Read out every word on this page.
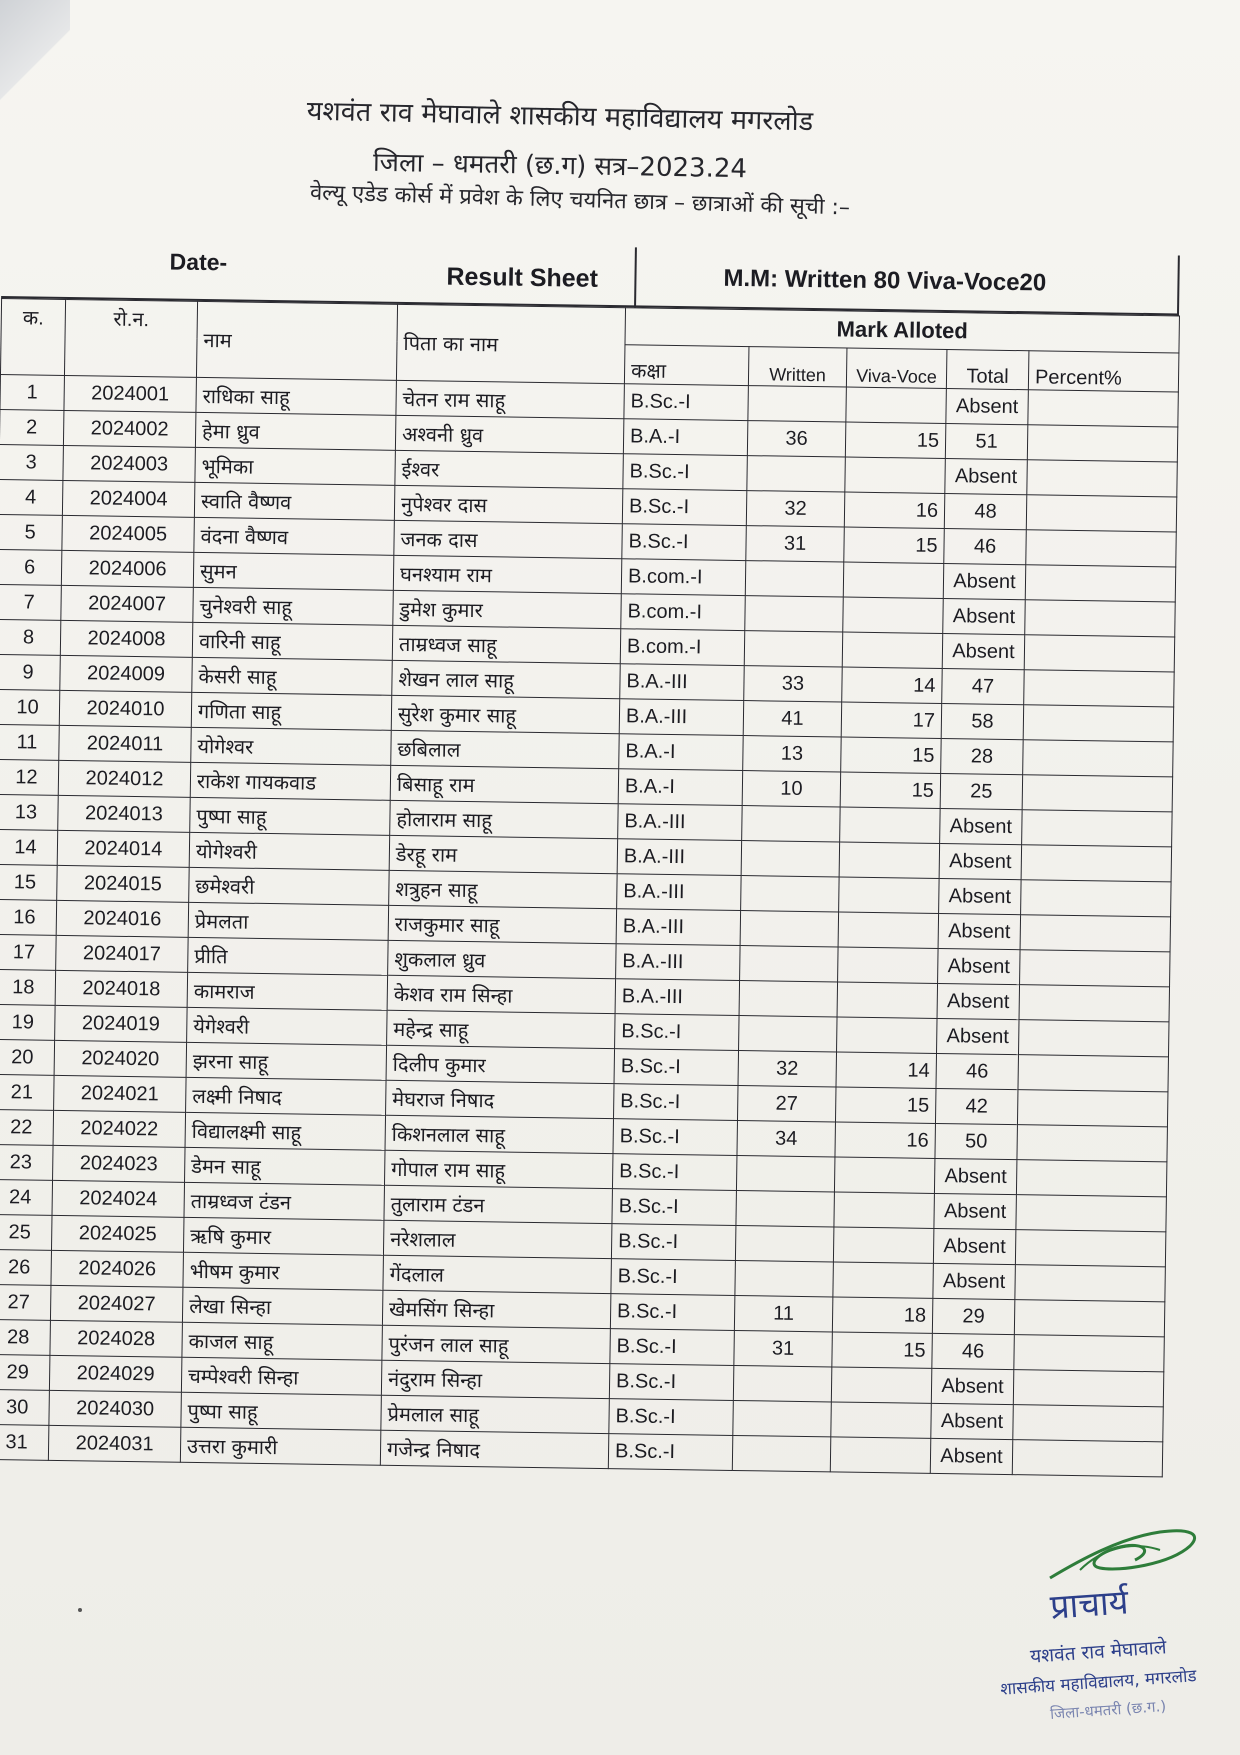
यशवंत राव मेघावाले शासकीय महाविद्यालय मगरलोड
जिला – धमतरी (छ.ग) सत्र–2023.24
वेल्यू एडेड कोर्स में प्रवेश के लिए चयनित छात्र – छात्राओं की सूची :–
Date-
Result Sheet	M.M: Written 80 Viva-Voce20
क.	रो.न.	नाम	पिता का नाम	Mark Alloted				
				कक्षा	Written	Viva-Voce	Total	Percent%
1	2024001	राधिका साहू	चेतन राम साहू	B.Sc.-I			Absent	
2	2024002	हेमा ध्रुव	अश्वनी ध्रुव	B.A.-I	36	15	51	
3	2024003	भूमिका	ईश्वर	B.Sc.-I			Absent	
4	2024004	स्वाति वैष्णव	नुपेश्वर दास	B.Sc.-I	32	16	48	
5	2024005	वंदना वैष्णव	जनक दास	B.Sc.-I	31	15	46	
6	2024006	सुमन	घनश्याम राम	B.com.-I			Absent	
7	2024007	चुनेश्वरी साहू	डुमेश कुमार	B.com.-I			Absent	
8	2024008	वारिनी साहू	ताम्रध्वज साहू	B.com.-I			Absent	
9	2024009	केसरी साहू	शेखन लाल साहू	B.A.-III	33	14	47	
10	2024010	गणिता साहू	सुरेश कुमार साहू	B.A.-III	41	17	58	
11	2024011	योगेश्वर	छबिलाल	B.A.-I	13	15	28	
12	2024012	राकेश गायकवाड	बिसाहू राम	B.A.-I	10	15	25	
13	2024013	पुष्पा साहू	होलाराम साहू	B.A.-III			Absent	
14	2024014	योगेश्वरी	डेरहू राम	B.A.-III			Absent	
15	2024015	छमेश्वरी	शत्रुहन साहू	B.A.-III			Absent	
16	2024016	प्रेमलता	राजकुमार साहू	B.A.-III			Absent	
17	2024017	प्रीति	शुकलाल ध्रुव	B.A.-III			Absent	
18	2024018	कामराज	केशव राम सिन्हा	B.A.-III			Absent	
19	2024019	येगेश्वरी	महेन्द्र साहू	B.Sc.-I			Absent	
20	2024020	झरना साहू	दिलीप कुमार	B.Sc.-I	32	14	46	
21	2024021	लक्ष्मी निषाद	मेघराज निषाद	B.Sc.-I	27	15	42	
22	2024022	विद्यालक्ष्मी साहू	किशनलाल साहू	B.Sc.-I	34	16	50	
23	2024023	डेमन साहू	गोपाल राम साहू	B.Sc.-I			Absent	
24	2024024	ताम्रध्वज टंडन	तुलाराम टंडन	B.Sc.-I			Absent	
25	2024025	ऋषि कुमार	नरेशलाल	B.Sc.-I			Absent	
26	2024026	भीषम कुमार	गेंदलाल	B.Sc.-I			Absent	
27	2024027	लेखा सिन्हा	खेमसिंग सिन्हा	B.Sc.-I	11	18	29	
28	2024028	काजल साहू	पुरंजन लाल साहू	B.Sc.-I	31	15	46	
29	2024029	चम्पेश्वरी सिन्हा	नंदुराम सिन्हा	B.Sc.-I			Absent	
30	2024030	पुष्पा साहू	प्रेमलाल साहू	B.Sc.-I			Absent	
31	2024031	उत्तरा कुमारी	गजेन्द्र निषाद	B.Sc.-I			Absent	
प्राचार्य
यशवंत राव मेघावाले
शासकीय महाविद्यालय, मगरलोड
जिला-धमतरी (छ.ग.)
